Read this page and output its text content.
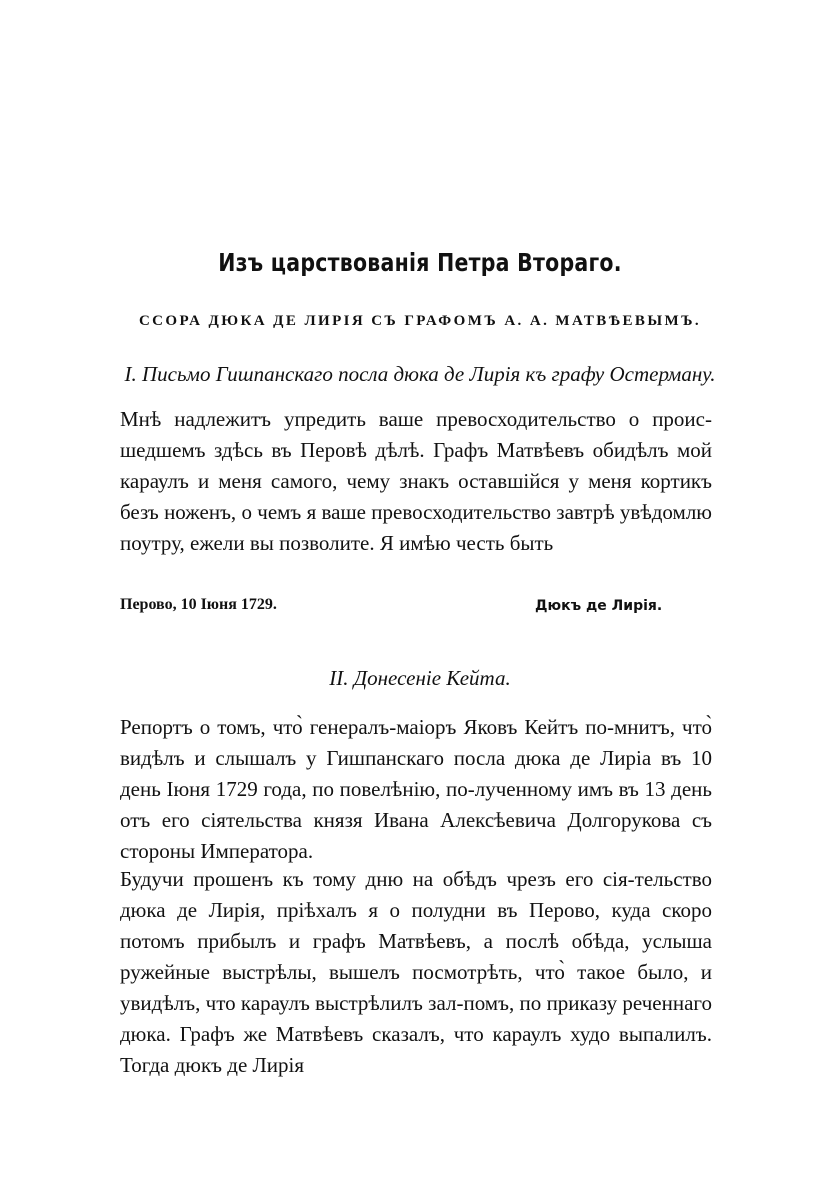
Изъ царствованія Петра Втораго.
ССОРА ДЮКА ДЕ ЛИРІЯ СЪ ГРАФОМЪ А. А. МАТВѢЕВЫМЪ.
I. Письмо Гишпанскаго посла дюка де Лирія къ графу Остерману.
Мнѣ надлежитъ упредить ваше превосходительство о проис-шедшемъ здѣсь въ Перовѣ дѣлѣ. Графъ Матвѣевъ обидѣлъ мой караулъ и меня самого, чему знакъ оставшійся у меня кортикъ безъ ноженъ, о чемъ я ваше превосходительство завтрѣ увѣдомлю поутру, ежели вы позволите. Я имѣю честь быть
Перово, 10 Іюня 1729.	Дюкъ де Лирія.
II. Донесеніе Кейта.
Репортъ о томъ, что̀ генералъ-маіоръ Яковъ Кейтъ по-мнитъ, что̀ видѣлъ и слышалъ у Гишпанскаго посла дюка де Лиріа въ 10 день Іюня 1729 года, по повелѣнію, по-лученному имъ въ 13 день отъ его сіятельства князя Ивана Алексѣевича Долгорукова съ стороны Императора.
Будучи прошенъ къ тому дню на обѣдъ чрезъ его сія-тельство дюка де Лирія, пріѣхалъ я о полудни въ Перово, куда скоро потомъ прибылъ и графъ Матвѣевъ, а послѣ обѣда, услыша ружейные выстрѣлы, вышелъ посмотрѣть, что̀ такое было, и увидѣлъ, что караулъ выстрѣлилъ зал-помъ, по приказу реченнаго дюка. Графъ же Матвѣевъ сказалъ, что караулъ худо выпалилъ. Тогда дюкъ де Лирія
